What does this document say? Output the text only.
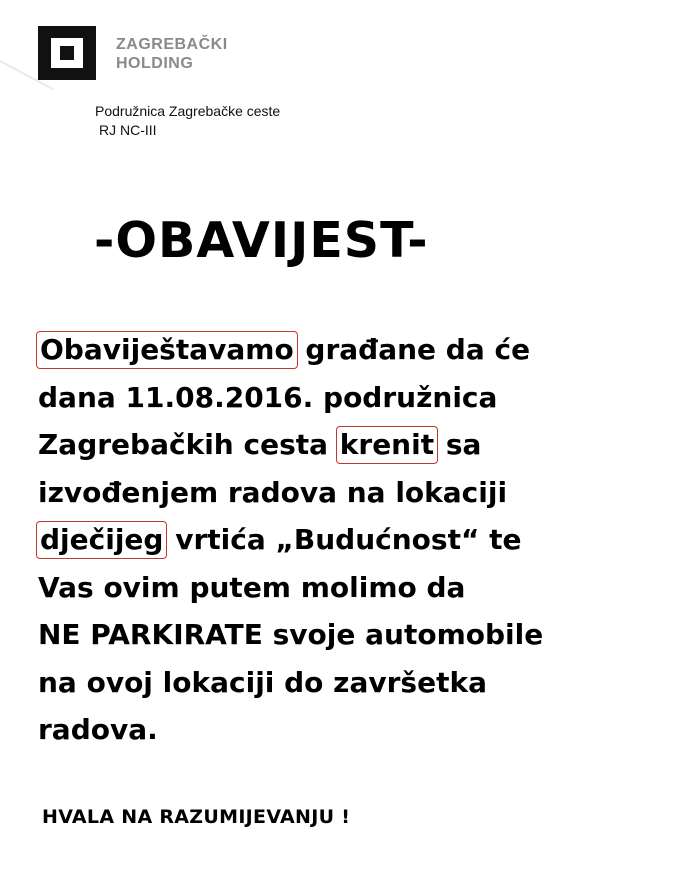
ZAGREBAČKI
HOLDING
Podružnica Zagrebačke ceste
RJ NC-III
-OBAVIJEST-
Obaviještavamo građane da će
dana 11.08.2016. podružnica
Zagrebačkih cesta krenit sa
izvođenjem radova na lokaciji
dječijeg vrtića „Budućnost“ te
Vas ovim putem molimo da
NE PARKIRATE svoje automobile
na ovoj lokaciji do završetka
radova.
HVALA NA RAZUMIJEVANJU !
